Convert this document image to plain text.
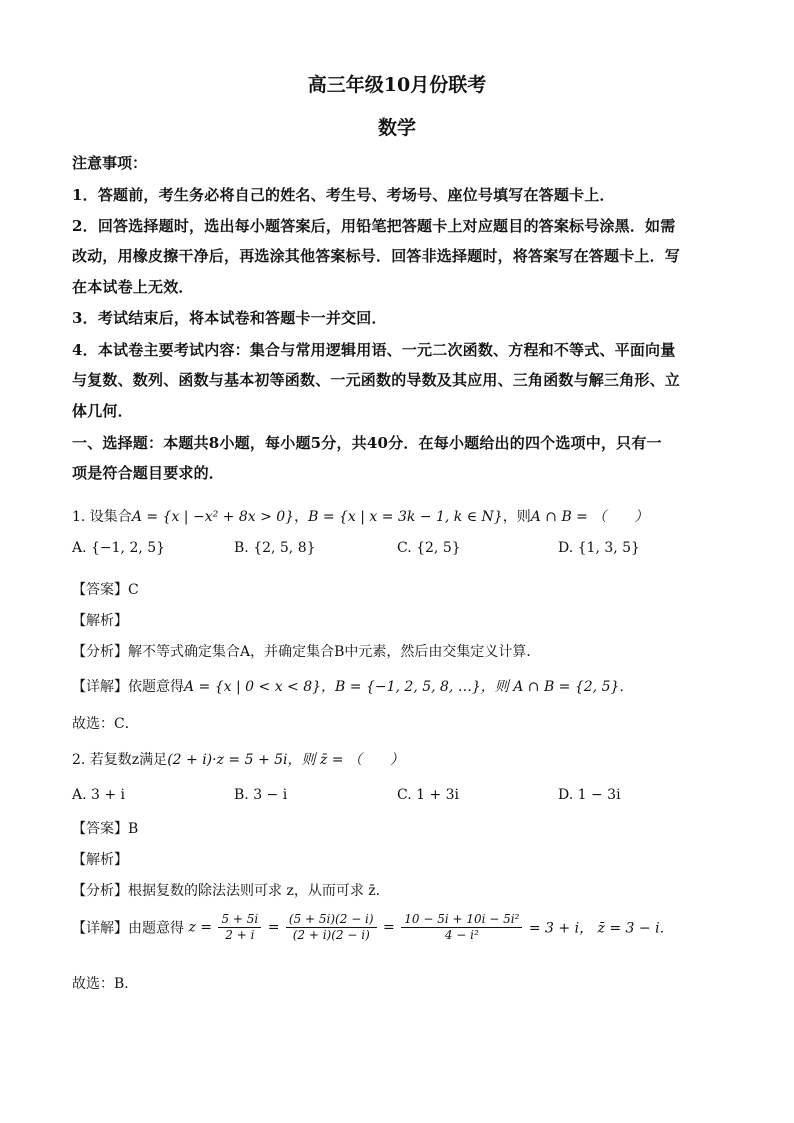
高三年级10月份联考
数学
注意事项：
1．答题前，考生务必将自己的姓名、考生号、考场号、座位号填写在答题卡上．
2．回答选择题时，选出每小题答案后，用铅笔把答题卡上对应题目的答案标号涂黑．如需
改动，用橡皮擦干净后，再选涂其他答案标号．回答非选择题时，将答案写在答题卡上．写
在本试卷上无效．
3．考试结束后，将本试卷和答题卡一并交回．
4．本试卷主要考试内容：集合与常用逻辑用语、一元二次函数、方程和不等式、平面向量
与复数、数列、函数与基本初等函数、一元函数的导数及其应用、三角函数与解三角形、立
体几何．
一、选择题：本题共8小题，每小题5分，共40分．在每小题给出的四个选项中，只有一
项是符合题目要求的．
1. 设集合A = {x | −x² + 8x > 0}，B = {x | x = 3k − 1, k ∈ N}，则A ∩ B = （　　）
A. {−1, 2, 5}	B. {2, 5, 8}	C. {2, 5}	D. {1, 3, 5}
【答案】C
【解析】
【分析】解不等式确定集合A，并确定集合B中元素，然后由交集定义计算．
【详解】依题意得A = {x | 0 < x < 8}，B = {−1, 2, 5, 8, …}，则 A ∩ B = {2, 5}．
故选：C．
2. 若复数z满足(2 + i)·z = 5 + 5i，则 z̄ = （　　）
A. 3 + i	B. 3 − i	C. 1 + 3i	D. 1 − 3i
【答案】B
【解析】
【分析】根据复数的除法法则可求 z，从而可求 z̄．
【详解】由题意得 $z = \frac{5 + 5i}{2 + i} = \frac{(5 + 5i)(2 - i)}{(2 + i)(2 - i)} = \frac{\text{10 − 5i + 10i − 5i²}}{\text{4 − i²}} = 3 + i$， z̄ = 3 − i．
故选：B．
